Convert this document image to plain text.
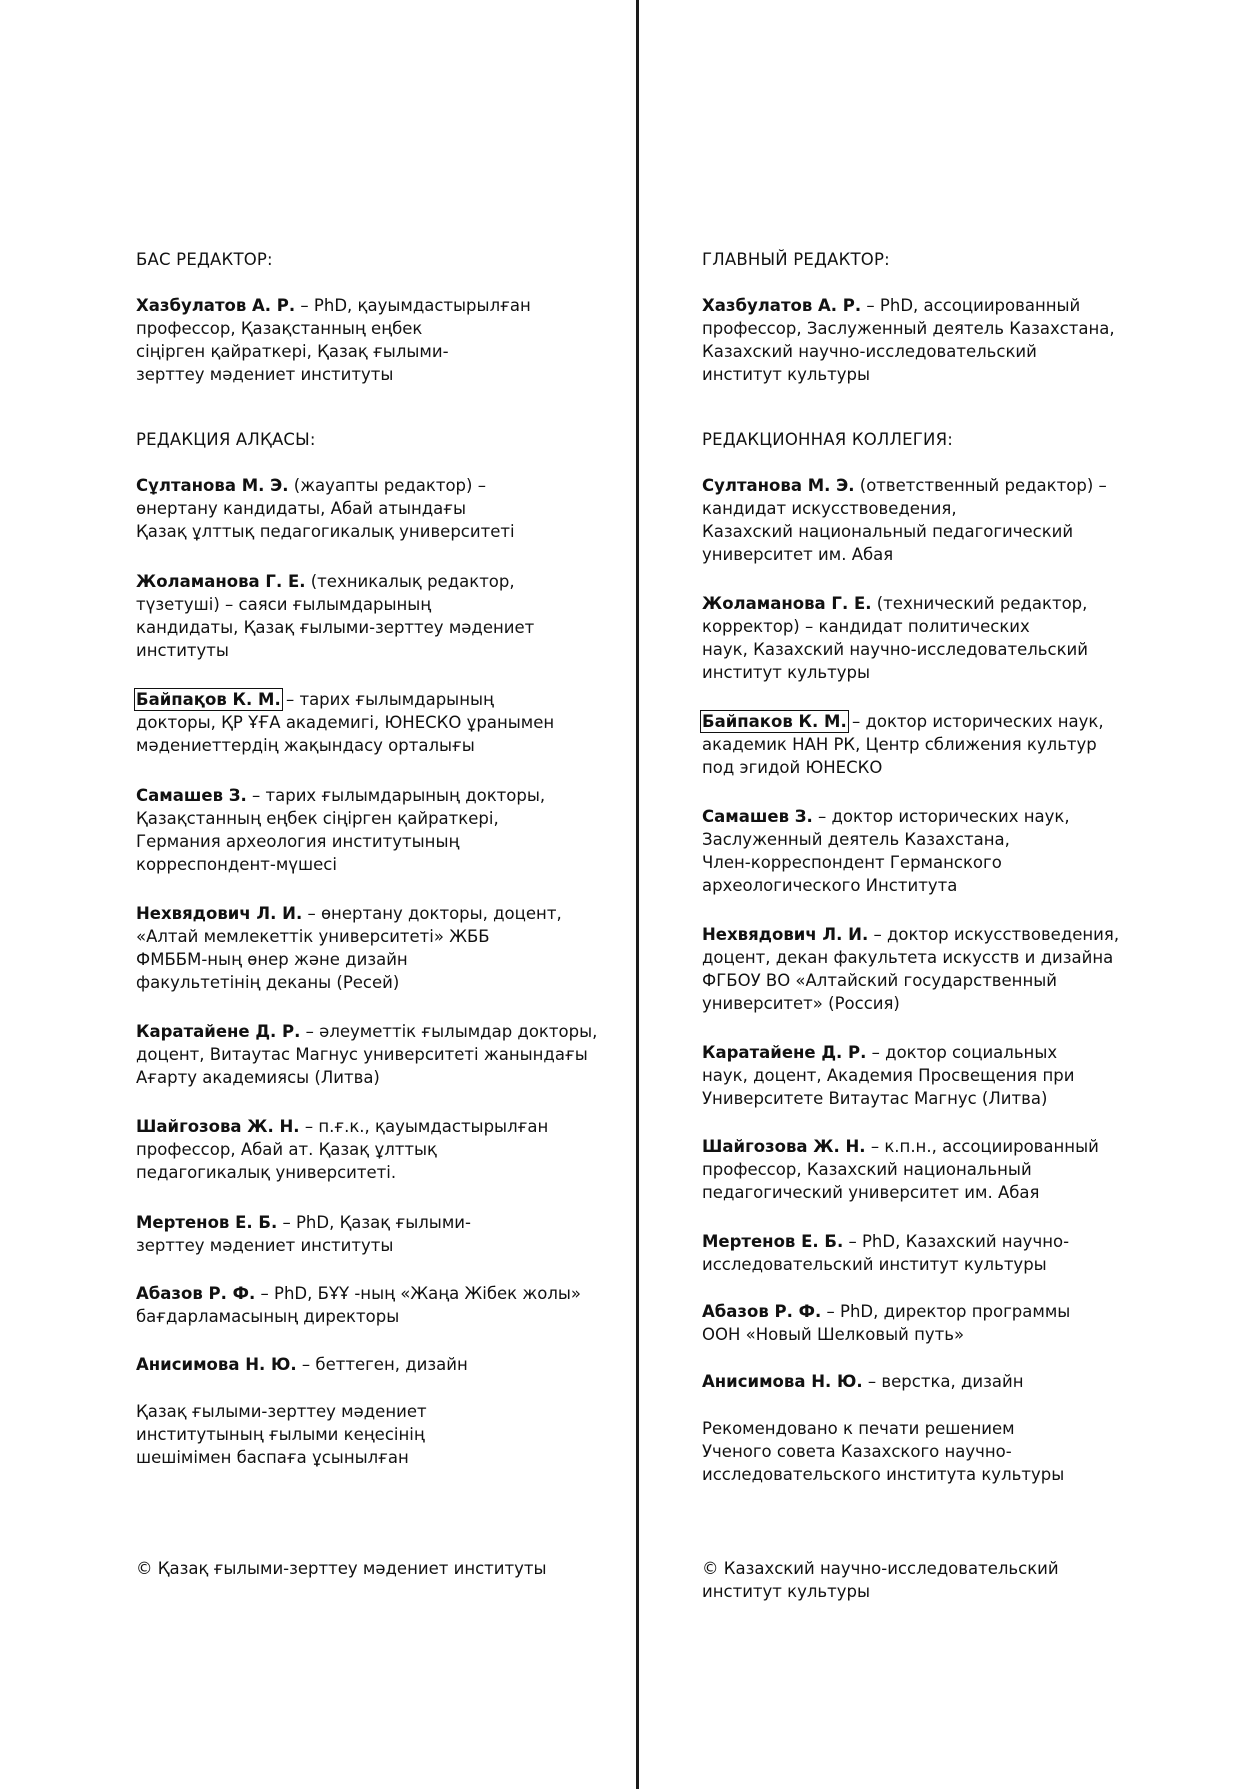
БАС РЕДАКТОР:
Хазбулатов А. Р. – PhD, қауымдастырылған
профессор, Қазақстанның еңбек
сіңірген қайраткері, Қазақ ғылыми-
зерттеу мәдениет институты
РЕДАКЦИЯ АЛҚАСЫ:
Сұлтанова М. Э. (жауапты редактор) –
өнертану кандидаты, Абай атындағы
Қазақ ұлттық педагогикалық университеті
Жоламанова Г. Е. (техникалық редактор,
түзетуші) – саяси ғылымдарының
кандидаты, Қазақ ғылыми-зерттеу мәдениет
институты
Байпақов К. М. – тарих ғылымдарының
докторы, ҚР ҰҒА академигі, ЮНЕСКО ұранымен
мәдениеттердің жақындасу орталығы
Самашев З. – тарих ғылымдарының докторы,
Қазақстанның еңбек сіңірген қайраткері,
Германия археология институтының
корреспондент-мүшесі
Нехвядович Л. И. – өнертану докторы, доцент,
«Алтай мемлекеттік университеті» ЖББ
ФМББМ-ның өнер және дизайн
факультетінің деканы (Ресей)
Каратайене Д. Р. – әлеуметтік ғылымдар докторы,
доцент, Витаутас Магнус университеті жанындағы
Ағарту академиясы (Литва)
Шайгозова Ж. Н. – п.ғ.к., қауымдастырылған
профессор, Абай ат. Қазақ ұлттық
педагогикалық университеті.
Мертенов Е. Б. – PhD, Қазақ ғылыми-
зерттеу мәдениет институты
Абазов Р. Ф. – PhD, БҰҰ -ның «Жаңа Жібек жолы»
бағдарламасының директоры
Анисимова Н. Ю. – беттеген, дизайн
Қазақ ғылыми-зерттеу мәдениет
институтының ғылыми кеңесінің
шешімімен баспаға ұсынылған
© Қазақ ғылыми-зерттеу мәдениет институты
ГЛАВНЫЙ РЕДАКТОР:
Хазбулатов А. Р. – PhD, ассоциированный
профессор, Заслуженный деятель Казахстана,
Казахский научно-исследовательский
институт культуры
РЕДАКЦИОННАЯ КОЛЛЕГИЯ:
Султанова М. Э. (ответственный редактор) –
кандидат искусствоведения,
Казахский национальный педагогический
университет им. Абая
Жоламанова Г. Е. (технический редактор,
корректор) – кандидат политических
наук, Казахский научно-исследовательский
институт культуры
Байпаков К. М. – доктор исторических наук,
академик НАН РК, Центр сближения культур
под эгидой ЮНЕСКО
Самашев З. – доктор исторических наук,
Заслуженный деятель Казахстана,
Член-корреспондент Германского
археологического Института
Нехвядович Л. И. – доктор искусствоведения,
доцент, декан факультета искусств и дизайна
ФГБОУ ВО «Алтайский государственный
университет» (Россия)
Каратайене Д. Р. – доктор социальных
наук, доцент, Академия Просвещения при
Университете Витаутас Магнус (Литва)
Шайгозова Ж. Н. – к.п.н., ассоциированный
профессор, Казахский национальный
педагогический университет им. Абая
Мертенов Е. Б. – PhD, Казахский научно-
исследовательский институт культуры
Абазов Р. Ф. – PhD, директор программы
ООН «Новый Шелковый путь»
Анисимова Н. Ю. – верстка, дизайн
Рекомендовано к печати решением
Ученого совета Казахского научно-
исследовательского института культуры
© Казахский научно-исследовательский
институт культуры
